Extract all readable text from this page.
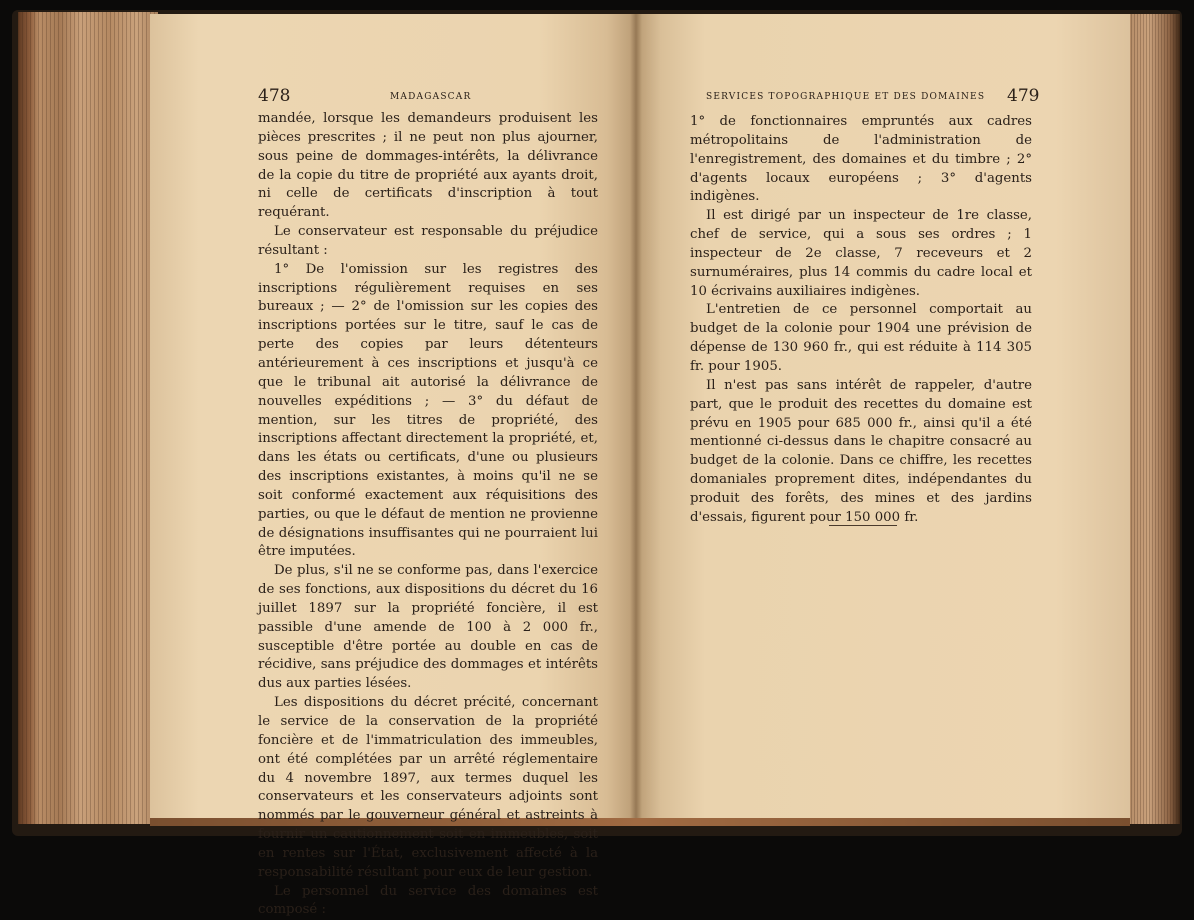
478	MADAGASCAR	SERVICES TOPOGRAPHIQUE ET DES DOMAINES 479

mandée, lorsque les demandeurs produisent les pièces prescrites ; il ne peut non plus ajourner, sous peine de dommages-intérêts, la délivrance de la copie du titre de propriété aux ayants droit, ni celle de certificats d'inscription à tout requérant.

Le conservateur est responsable du préjudice résultant :

1° De l'omission sur les registres des inscriptions régulièrement requises en ses bureaux ; — 2° de l'omission sur les copies des inscriptions portées sur le titre, sauf le cas de perte des copies par leurs détenteurs antérieurement à ces inscriptions et jusqu'à ce que le tribunal ait autorisé la délivrance de nouvelles expéditions ; — 3° du défaut de mention, sur les titres de propriété, des inscriptions affectant directement la propriété, et, dans les états ou certificats, d'une ou plusieurs des inscriptions existantes, à moins qu'il ne se soit conformé exactement aux réquisitions des parties, ou que le défaut de mention ne provienne de désignations insuffisantes qui ne pourraient lui être imputées.

De plus, s'il ne se conforme pas, dans l'exercice de ses fonctions, aux dispositions du décret du 16 juillet 1897 sur la propriété foncière, il est passible d'une amende de 100 à 2 000 fr., susceptible d'être portée au double en cas de récidive, sans préjudice des dommages et intérêts dus aux parties lésées.

Les dispositions du décret précité, concernant le service de la conservation de la propriété foncière et de l'immatriculation des immeubles, ont été complétées par un arrêté réglementaire du 4 novembre 1897, aux termes duquel les conservateurs et les conservateurs adjoints sont nommés par le gouverneur général et astreints à fournir un cautionnement soit en immeubles, soit en rentes sur l'État, exclusivement affecté à la responsabilité résultant pour eux de leur gestion.

Le personnel du service des domaines est composé :

1° de fonctionnaires empruntés aux cadres métropolitains de l'administration de l'enregistrement, des domaines et du timbre ; 2° d'agents locaux européens ; 3° d'agents indigènes.

Il est dirigé par un inspecteur de 1re classe, chef de service, qui a sous ses ordres ; 1 inspecteur de 2e classe, 7 receveurs et 2 surnuméraires, plus 14 commis du cadre local et 10 écrivains auxiliaires indigènes.

L'entretien de ce personnel comportait au budget de la colonie pour 1904 une prévision de dépense de 130 960 fr., qui est réduite à 114 305 fr. pour 1905.

Il n'est pas sans intérêt de rappeler, d'autre part, que le produit des recettes du domaine est prévu en 1905 pour 685 000 fr., ainsi qu'il a été mentionné ci-dessus dans le chapitre consacré au budget de la colonie. Dans ce chiffre, les recettes domaniales proprement dites, indépendantes du produit des forêts, des mines et des jardins d'essais, figurent pour 150 000 fr.
